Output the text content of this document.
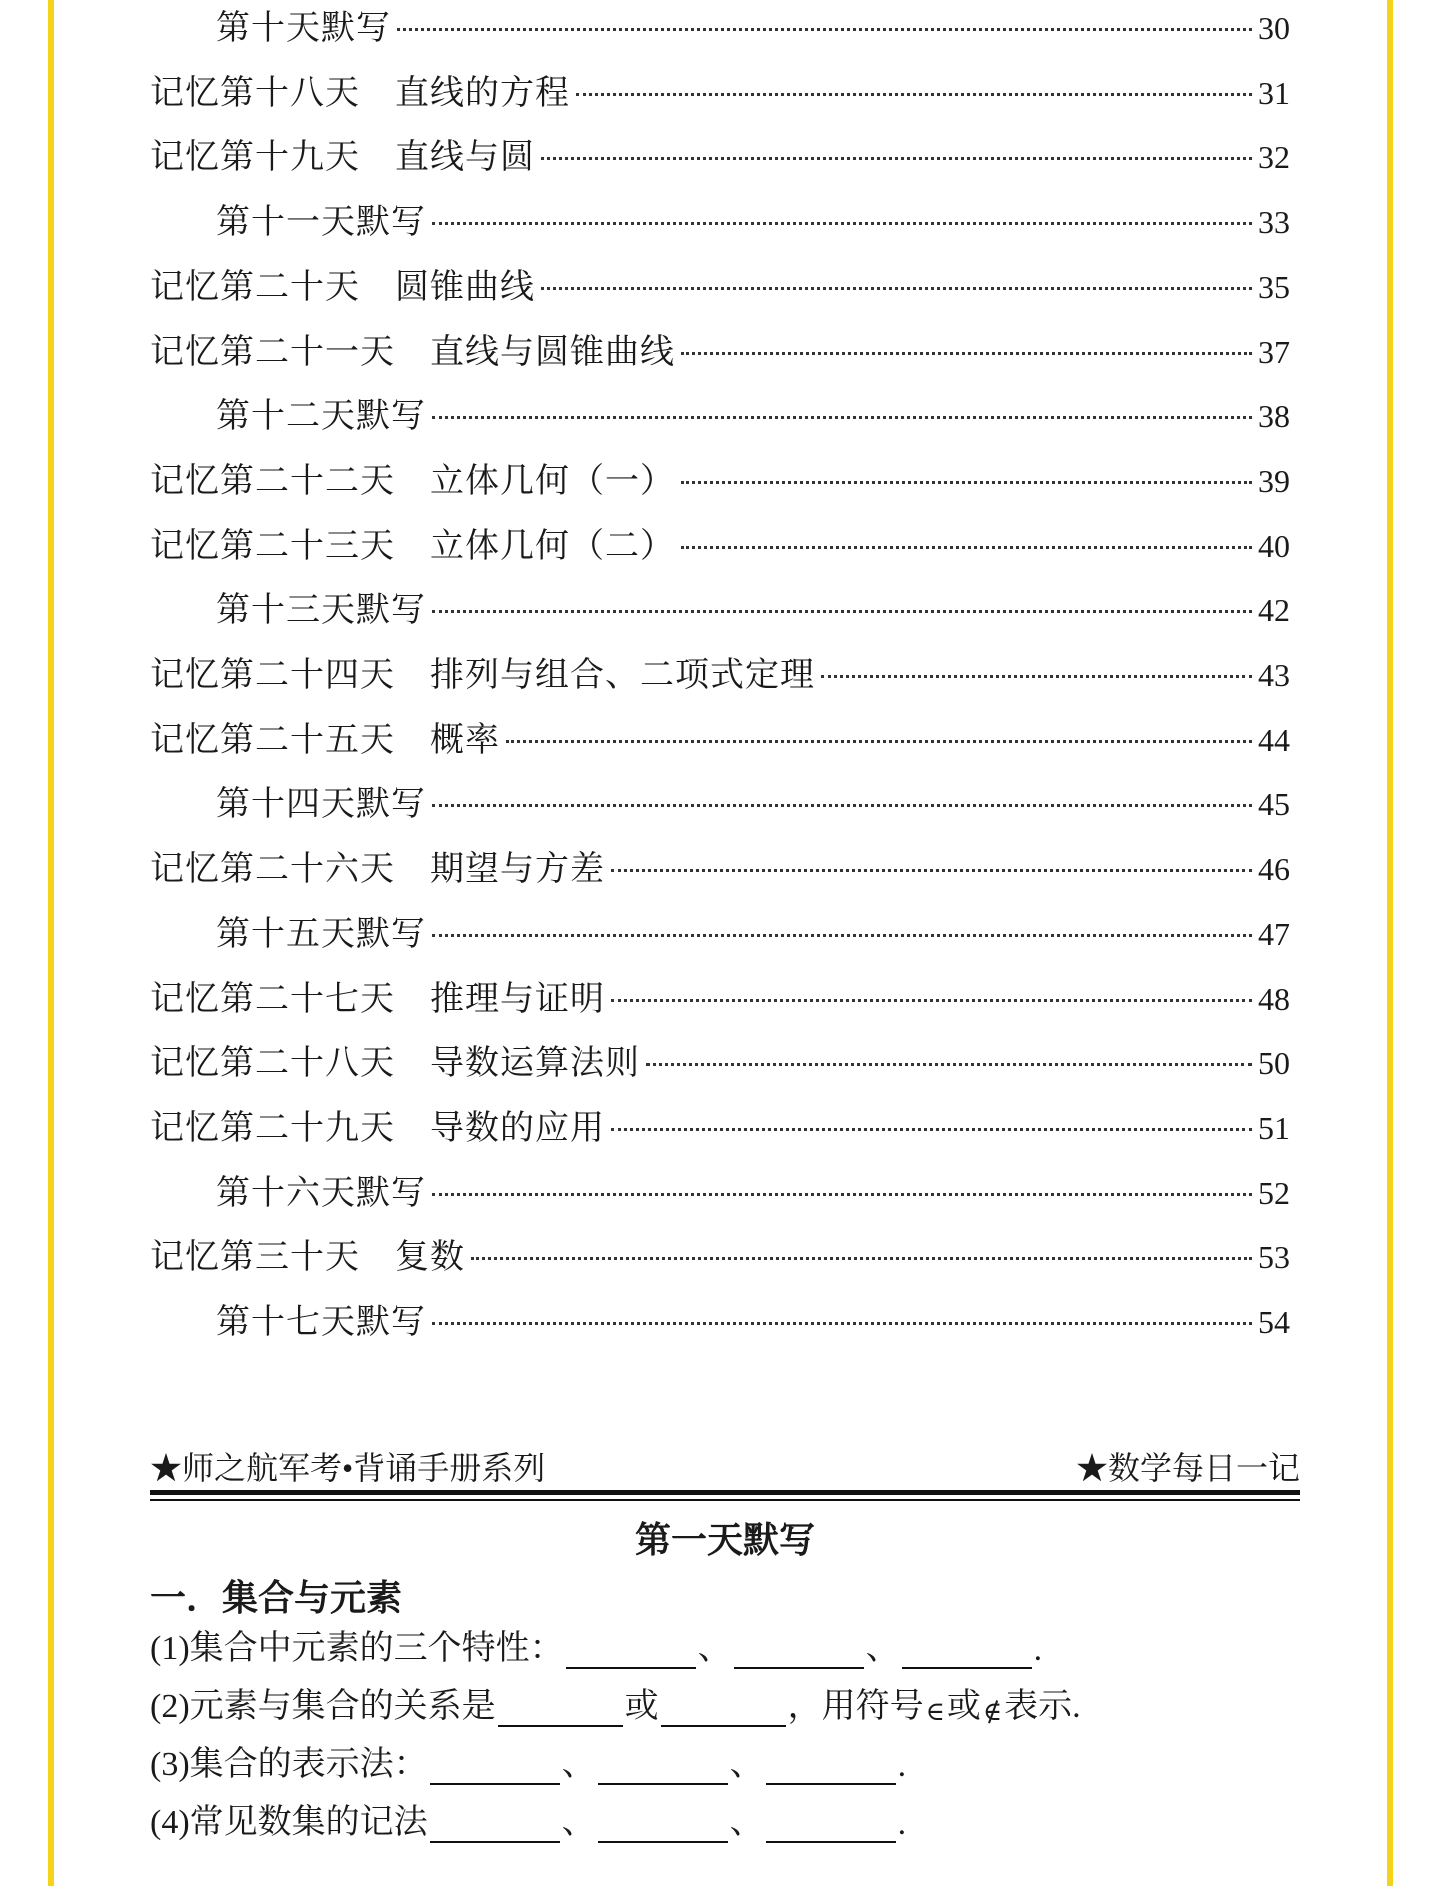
第十天默写	30
记忆第十八天　直线的方程	31
记忆第十九天　直线与圆	32
第十一天默写	33
记忆第二十天　圆锥曲线	35
记忆第二十一天　直线与圆锥曲线	37
第十二天默写	38
记忆第二十二天　立体几何（一）	39
记忆第二十三天　立体几何（二）	40
第十三天默写	42
记忆第二十四天　排列与组合、二项式定理	43
记忆第二十五天　概率	44
第十四天默写	45
记忆第二十六天　期望与方差	46
第十五天默写	47
记忆第二十七天　推理与证明	48
记忆第二十八天　导数运算法则	50
记忆第二十九天　导数的应用	51
第十六天默写	52
记忆第三十天　复数	53
第十七天默写	54
★师之航军考•背诵手册系列	★数学每日一记
第一天默写
一．集合与元素
(1)集合中元素的三个特性：	、	、	.
(2)元素与集合的关系是	或	，用符号 ∈ 或 ∉ 表示.
(3)集合的表示法：	、	、	.
(4)常见数集的记法	、	、	.
